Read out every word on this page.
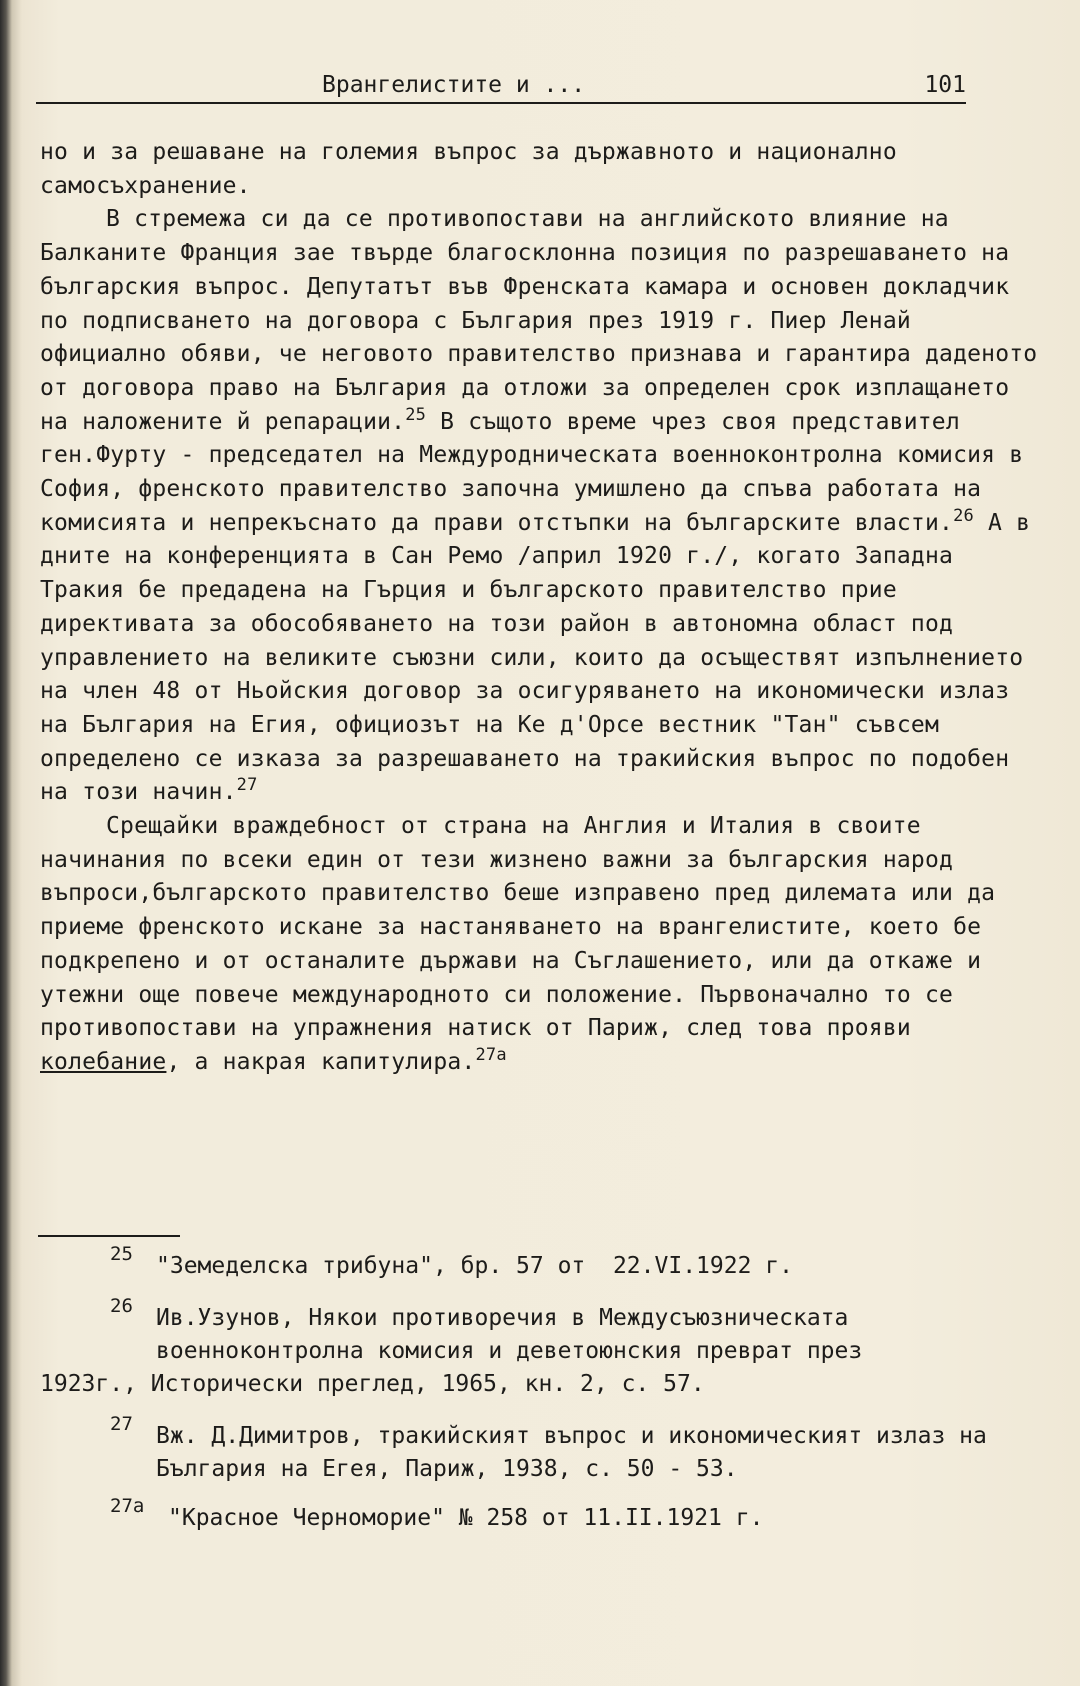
Врангелистите и ...	101

но и за решаване на големия въпрос за държавното и национално самосъхранение.

В стремежа си да се противопостави на английското влияние на Балканите Франция зае твърде благосклонна позиция по разрешаването на българския въпрос. Депутатът във Френската камара и основен докладчик по подписването на договора с България през 1919 г. Пиер Ленай официално обяви, че неговото правителство признава и гарантира даденото от договора право на България да отложи за определен срок изплащането на наложените й репарации.$^{25}$ В същото време чрез своя представител ген.Фурту - председател на Междуродническата военноконтролна комисия в София, френското правителство започна умишлено да спъва работата на комисията и непрекъснато да прави отстъпки на българските власти.$^{26}$ А в дните на конференцията в Сан Ремо /април 1920 г./, когато Западна Тракия бе предадена на Гърция и българското правителство прие директивата за обособяването на този район в автономна област под управлението на великите съюзни сили, които да осъществят изпълнението на член 48 от Ньойския договор за осигуряването на икономически излаз на България на Егия, официозът на Ке д'Орсе вестник "Тан" съвсем определено се изказа за разрешаването на тракийския въпрос по подобен на този начин.$^{27}$

Срещайки враждебност от страна на Англия и Италия в своите начинания по всеки един от тези жизнено важни за българския народ въпроси,българското правителство беше изправено пред дилемата или да приеме френското искане за настаняването на врангелистите, което бе подкрепено и от останалите държави на Съглашението, или да откаже и утежни още повече международното си положение. Първоначално то се противопостави на упражнения натиск от Париж, след това прояви колебание, а накрая капитулира.$^{27а}$

25	"Земеделска трибуна", бр. 57 от  22.VI.1922 г.
26	Ив.Узунов, Някои противоречия в Междусъюзническата военноконтролна комисия и деветоюнския преврат през
1923г., Исторически преглед, 1965, кн. 2, с. 57.
27	Вж. Д.Димитров, тракийският въпрос и икономическият излаз на България на Егея, Париж, 1938, с. 50 - 53.
27а	"Красное Черноморие" № 258 от 11.II.1921 г.
